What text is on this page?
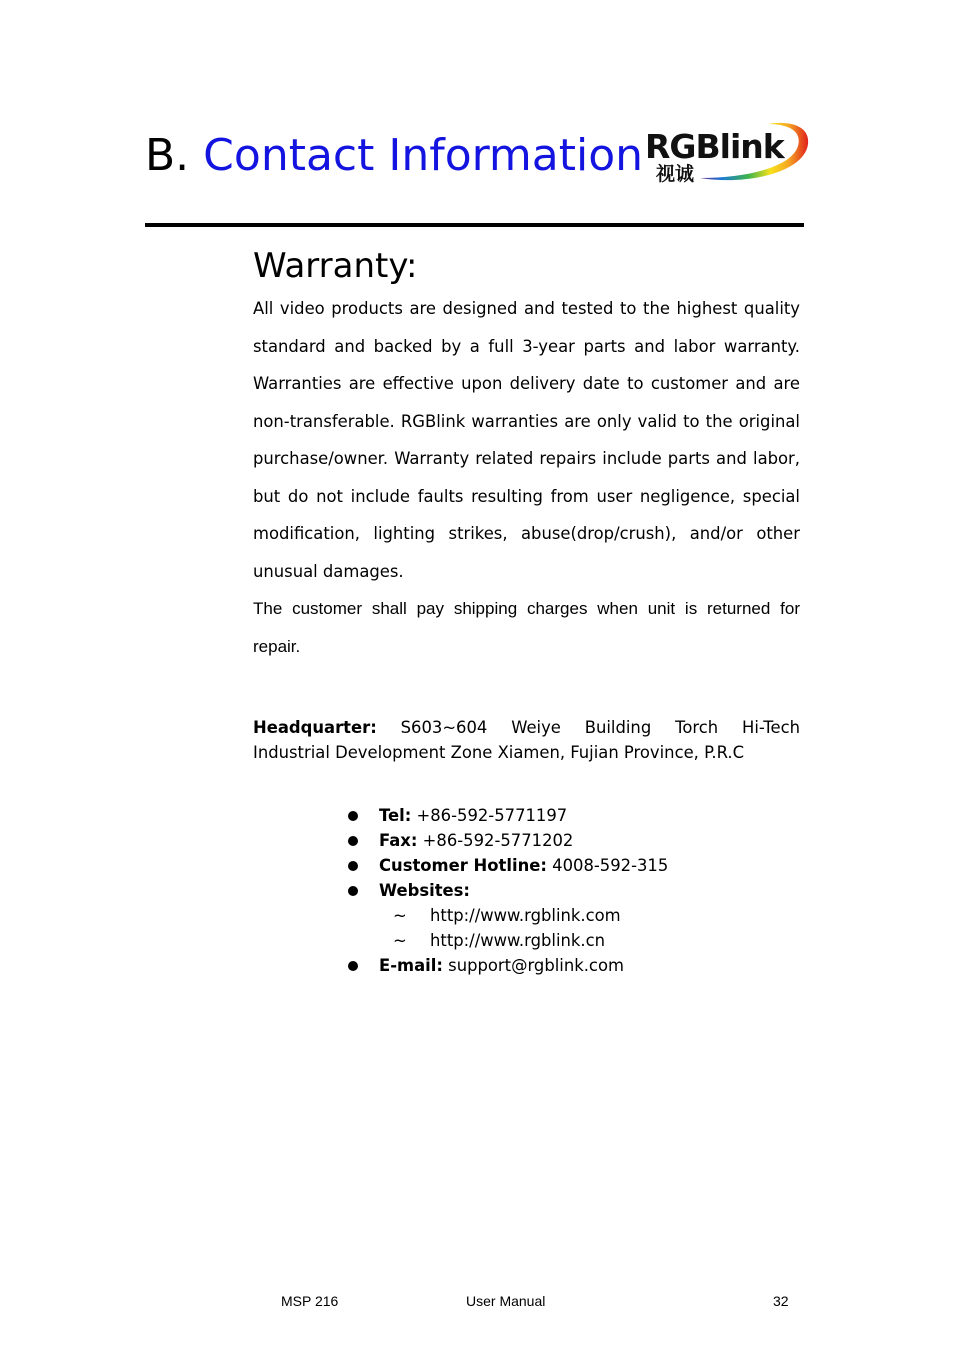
B. Contact Information RGBlink
视诚
Warranty:
All video products are designed and tested to the highest quality standard and backed by a full 3-year parts and labor warranty. Warranties are effective upon delivery date to customer and are non-transferable. RGBlink warranties are only valid to the original purchase/owner. Warranty related repairs include parts and labor, but do not include faults resulting from user negligence, special modification, lighting strikes, abuse(drop/crush), and/or other unusual damages.
The customer shall pay shipping charges when unit is returned for repair.
Headquarter: S603~604 Weiye Building Torch Hi-Tech
Industrial Development Zone Xiamen, Fujian Province, P.R.C
Tel: +86-592-5771197
Fax: +86-592-5771202
Customer Hotline: 4008-592-315
Websites:
~ http://www.rgblink.com
~ http://www.rgblink.cn
E-mail: support@rgblink.com
MSP 216	User Manual	32
